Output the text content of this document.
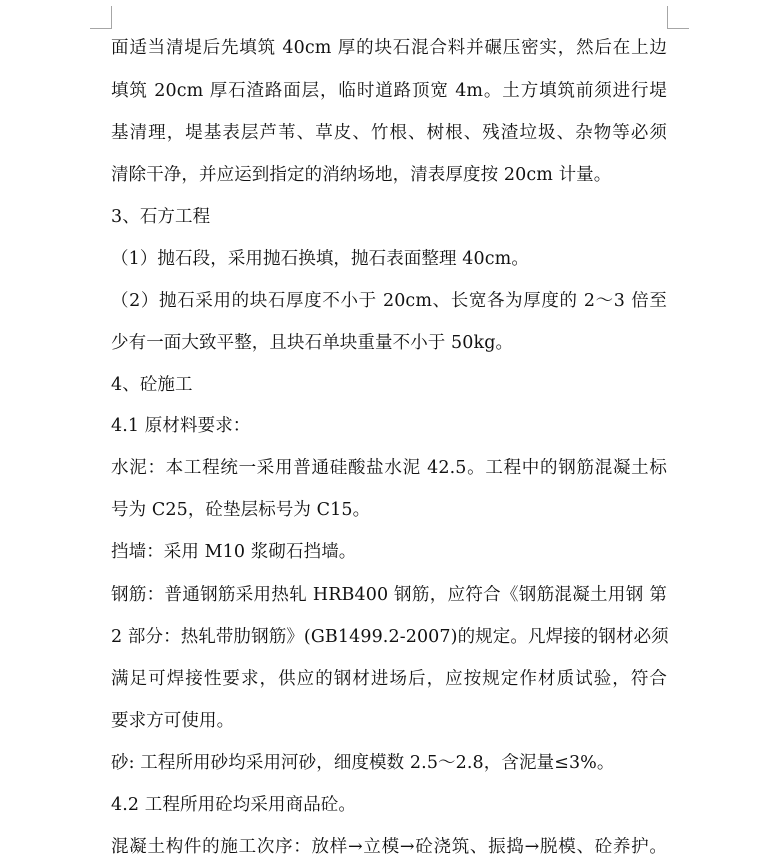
面适当清堤后先填筑 40cm 厚的块石混合料并碾压密实，然后在上边
填筑 20cm 厚石渣路面层，临时道路顶宽 4m。土方填筑前须进行堤
基清理，堤基表层芦苇、草皮、竹根、树根、残渣垃圾、杂物等必须
清除干净，并应运到指定的消纳场地，清表厚度按 20cm 计量。
3、石方工程
（1）抛石段，采用抛石换填，抛石表面整理 40cm。
（2）抛石采用的块石厚度不小于 20cm、长宽各为厚度的 2～3 倍至
少有一面大致平整，且块石单块重量不小于 50kg。
4、砼施工
4.1 原材料要求：
水泥：本工程统一采用普通硅酸盐水泥 42.5。工程中的钢筋混凝土标
号为 C25，砼垫层标号为 C15。
挡墙：采用 M10 浆砌石挡墙。
钢筋：普通钢筋采用热轧 HRB400 钢筋，应符合《钢筋混凝土用钢 第
2 部分：热轧带肋钢筋》(GB1499.2-2007)的规定。凡焊接的钢材必须
满足可焊接性要求，供应的钢材进场后，应按规定作材质试验，符合
要求方可使用。
砂: 工程所用砂均采用河砂，细度模数 2.5～2.8，含泥量≤3%。
4.2 工程所用砼均采用商品砼。
混凝土构件的施工次序：放样→立模→砼浇筑、振捣→脱模、砼养护。
